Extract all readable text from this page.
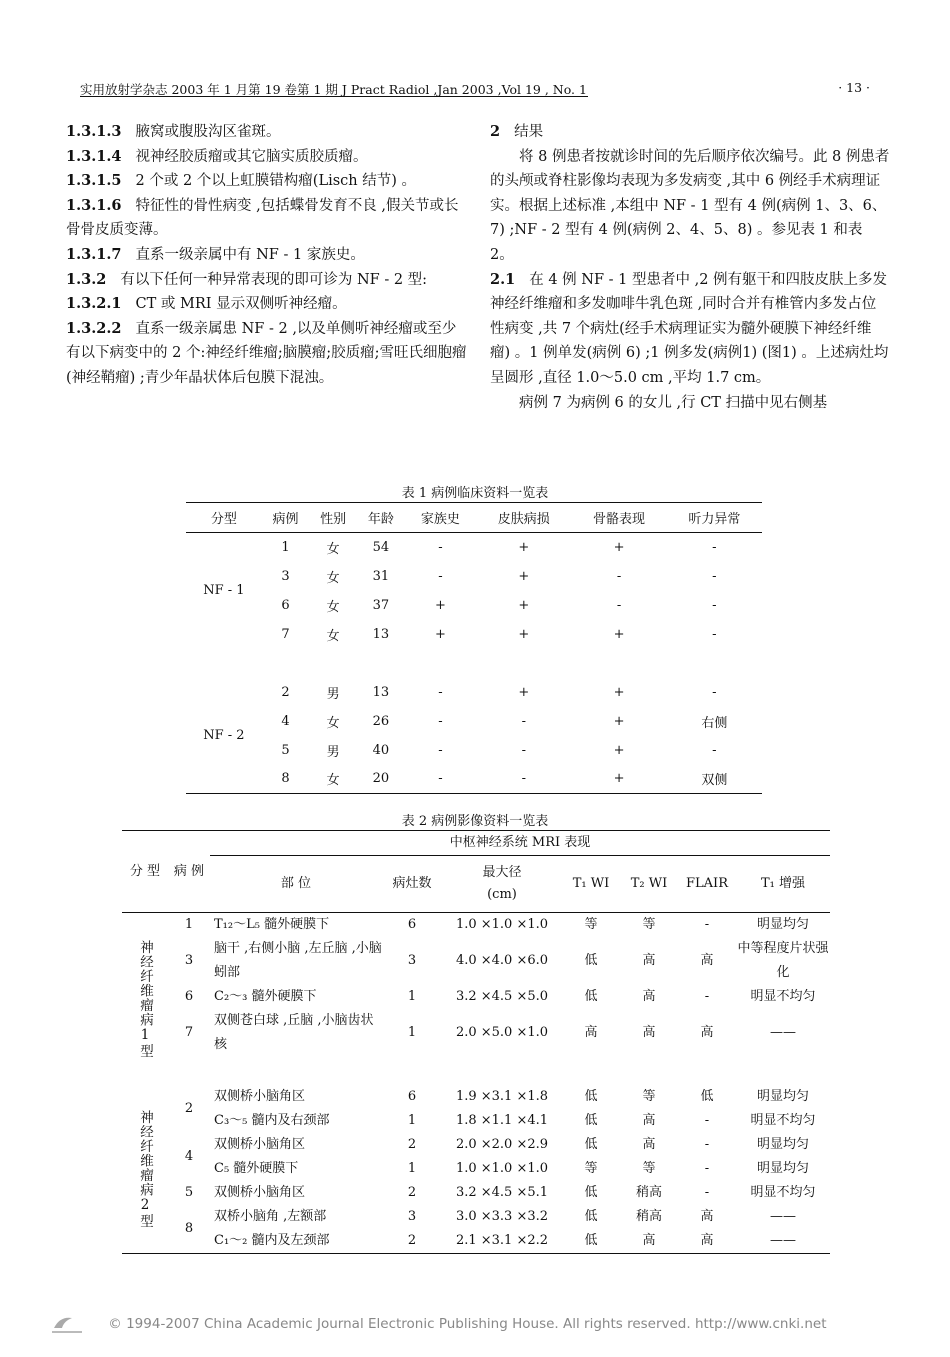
实用放射学杂志 2003 年 1 月第 19 卷第 1 期 J Pract Radiol ,Jan 2003 ,Vol 19 , No. 1	· 13 ·

1.3.1.3 腋窝或腹股沟区雀斑。

1.3.1.4 视神经胶质瘤或其它脑实质胶质瘤。

1.3.1.5 2 个或 2 个以上虹膜错构瘤(Lisch 结节) 。

1.3.1.6 特征性的骨性病变 ,包括蝶骨发育不良 ,假关节或长骨骨皮质变薄。

1.3.1.7 直系一级亲属中有 NF - 1 家族史。

1.3.2 有以下任何一种异常表现的即可诊为 NF - 2 型:

1.3.2.1 CT 或 MRI 显示双侧听神经瘤。

1.3.2.2 直系一级亲属患 NF - 2 ,以及单侧听神经瘤或至少有以下病变中的 2 个:神经纤维瘤;脑膜瘤;胶质瘤;雪旺氏细胞瘤(神经鞘瘤) ;青少年晶状体后包膜下混浊。

2 结果

将 8 例患者按就诊时间的先后顺序依次编号。此 8 例患者的头颅或脊柱影像均表现为多发病变 ,其中 6 例经手术病理证实。根据上述标准 ,本组中 NF - 1 型有 4 例(病例 1、3、6、7) ;NF - 2 型有 4 例(病例 2、4、5、8) 。参见表 1 和表 2。

2.1 在 4 例 NF - 1 型患者中 ,2 例有躯干和四肢皮肤上多发神经纤维瘤和多发咖啡牛乳色斑 ,同时合并有椎管内多发占位性病变 ,共 7 个病灶(经手术病理证实为髓外硬膜下神经纤维瘤) 。1 例单发(病例 6) ;1 例多发(病例1) (图1) 。上述病灶均呈圆形 ,直径 1.0～5.0 cm ,平均 1.7 cm。

病例 7 为病例 6 的女儿 ,行 CT 扫描中见右侧基

表 1 病例临床资料一览表
分型	病例	性别	年龄	家族史	皮肤病损	骨骼表现	听力异常
NF - 1	1	女	54	-	+	+	-
	3	女	31	-	+	-	-
	6	女	37	+	+	-	-
	7	女	13	+	+	+	-

NF - 2	2	男	13	-	+	+	-
	4	女	26	-	-	+	右侧
	5	男	40	-	-	+	-
	8	女	20	-	-	+	双侧
表 2 病例影像资料一览表
分 型	病 例	中枢神经系统 MRI 表现						
		部 位	病灶数	最大径
(cm)	T₁ WI	T₂ WI	FLAIR	T₁ 增强
神经纤维瘤病1型	1	T₁₂～L₅ 髓外硬膜下	6	1.0 ×1.0 ×1.0	等	等	-	明显均匀
	3	脑干 ,右侧小脑 ,左丘脑 ,小脑蚓部	3	4.0 ×4.0 ×6.0	低	高	高	中等程度片状强化
	6	C₂～₃ 髓外硬膜下	1	3.2 ×4.5 ×5.0	低	高	-	明显不均匀
	7	双侧苍白球 ,丘脑 ,小脑齿状核	1	2.0 ×5.0 ×1.0	高	高	高	——
神经纤维瘤病2型	2	双侧桥小脑角区	6	1.9 ×3.1 ×1.8	低	等	低	明显均匀
		C₃～₅ 髓内及右颈部	1	1.8 ×1.1 ×4.1	低	高	-	明显不均匀
	4	双侧桥小脑角区	2	2.0 ×2.0 ×2.9	低	高	-	明显均匀
		C₅ 髓外硬膜下	1	1.0 ×1.0 ×1.0	等	等	-	明显均匀
	5	双侧桥小脑角区	2	3.2 ×4.5 ×5.1	低	稍高	-	明显不均匀
	8	双桥小脑角 ,左额部	3	3.0 ×3.3 ×3.2	低	稍高	高	——
		C₁～₂ 髓内及左颈部	2	2.1 ×3.1 ×2.2	低	高	高	——
© 1994-2007 China Academic Journal Electronic Publishing House. All rights reserved. http://www.cnki.net
